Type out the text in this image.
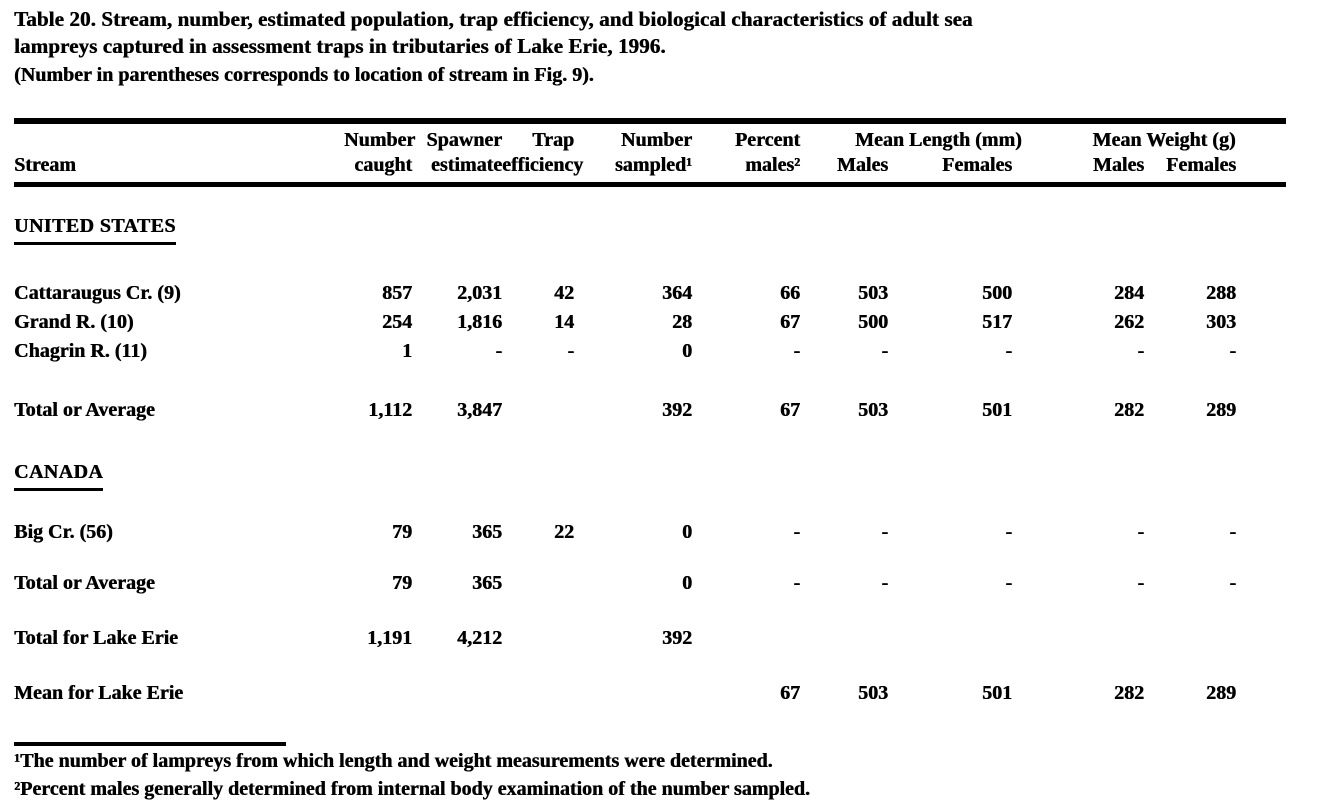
Table 20. Stream, number, estimated population, trap efficiency, and biological characteristics of adult sea
lampreys captured in assessment traps in tributaries of Lake Erie, 1996.
(Number in parentheses corresponds to location of stream in Fig. 9).
	Number	Spawner	Trap	Number	Percent	Mean Length (mm)		Mean Weight (g)		
Stream	caught	estimate	efficiency	sampled¹	males²	Males	Females	Males	Females	
UNITED STATES										
Cattaraugus Cr. (9)	857	2,031	42	364	66	503	500	284	288	
Grand R. (10)	254	1,816	14	28	67	500	517	262	303	
Chagrin R. (11)	1	-	-	0	-	-	-	-	-	
Total or Average	1,112	3,847		392	67	503	501	282	289	
CANADA										
Big Cr. (56)	79	365	22	0	-	-	-	-	-	
Total or Average	79	365		0	-	-	-	-	-	
Total for Lake Erie	1,191	4,212		392						
Mean for Lake Erie					67	503	501	282	289	
¹The number of lampreys from which length and weight measurements were determined.
²Percent males generally determined from internal body examination of the number sampled.
